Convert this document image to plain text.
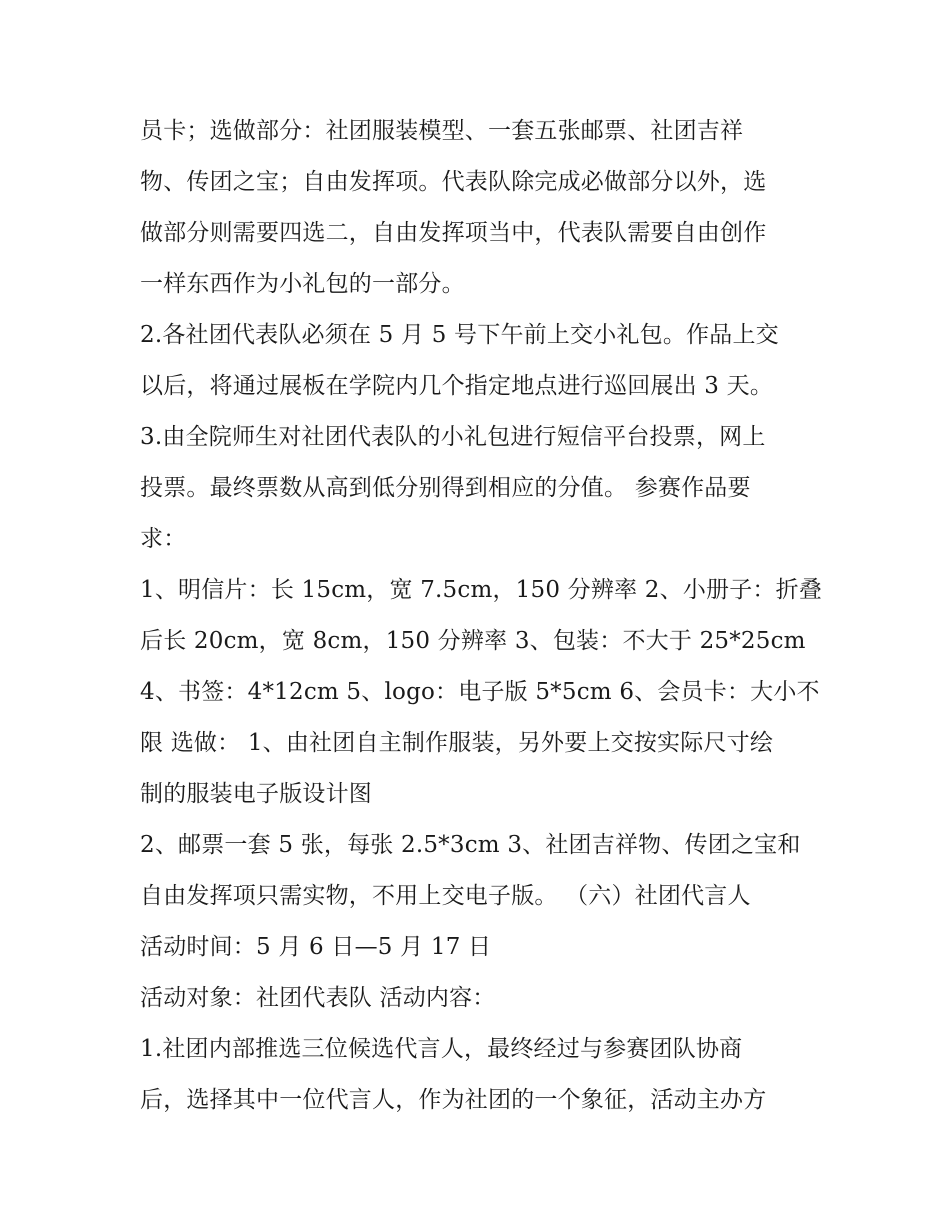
员卡；选做部分：社团服装模型、一套五张邮票、社团吉祥
物、传团之宝；自由发挥项。代表队除完成必做部分以外，选
做部分则需要四选二，自由发挥项当中，代表队需要自由创作
一样东西作为小礼包的一部分。
2.各社团代表队必须在 5 月 5 号下午前上交小礼包。作品上交
以后，将通过展板在学院内几个指定地点进行巡回展出 3 天。
3.由全院师生对社团代表队的小礼包进行短信平台投票，网上
投票。最终票数从高到低分别得到相应的分值。 参赛作品要
求：
1、明信片：长 15cm，宽 7.5cm，150 分辨率 2、小册子：折叠
后长 20cm，宽 8cm，150 分辨率 3、包装：不大于 25*25cm
4、书签：4*12cm 5、logo：电子版 5*5cm 6、会员卡：大小不
限 选做： 1、由社团自主制作服装，另外要上交按实际尺寸绘
制的服装电子版设计图
2、邮票一套 5 张，每张 2.5*3cm 3、社团吉祥物、传团之宝和
自由发挥项只需实物，不用上交电子版。 （六）社团代言人
活动时间：5 月 6 日—5 月 17 日
活动对象：社团代表队 活动内容：
1.社团内部推选三位候选代言人，最终经过与参赛团队协商
后，选择其中一位代言人，作为社团的一个象征，活动主办方
